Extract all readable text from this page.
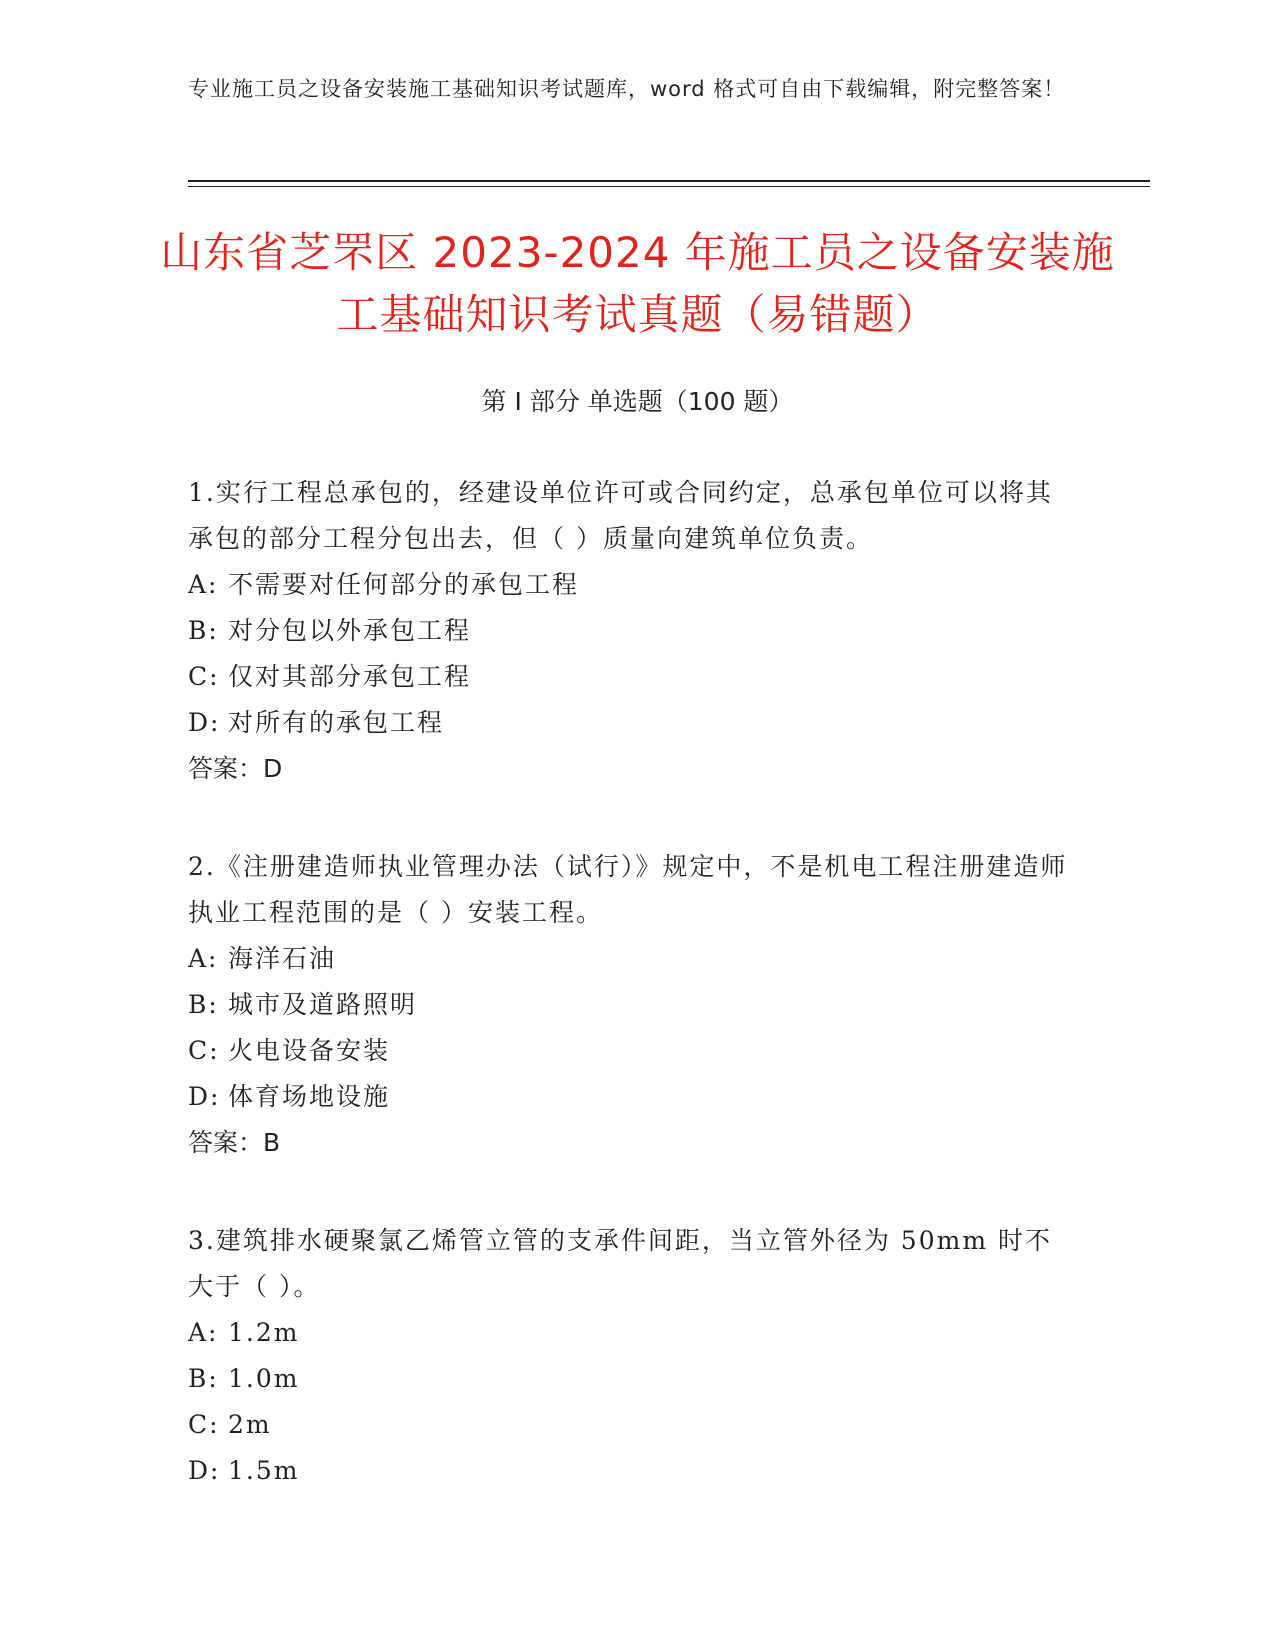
专业施工员之设备安装施工基础知识考试题库，word 格式可自由下载编辑，附完整答案！
山东省芝罘区 2023-2024 年施工员之设备安装施工基础知识考试真题（易错题）
第 I 部分 单选题（100 题）
1.实行工程总承包的，经建设单位许可或合同约定，总承包单位可以将其承包的部分工程分包出去，但（ ）质量向建筑单位负责。
A: 不需要对任何部分的承包工程
B: 对分包以外承包工程
C: 仅对其部分承包工程
D: 对所有的承包工程
答案：D
2.《注册建造师执业管理办法（试行）》规定中，不是机电工程注册建造师执业工程范围的是（ ）安装工程。
A: 海洋石油
B: 城市及道路照明
C: 火电设备安装
D: 体育场地设施
答案：B
3.建筑排水硬聚氯乙烯管立管的支承件间距，当立管外径为 50mm 时不大于（ ）。
A: 1.2m
B: 1.0m
C: 2m
D: 1.5m
